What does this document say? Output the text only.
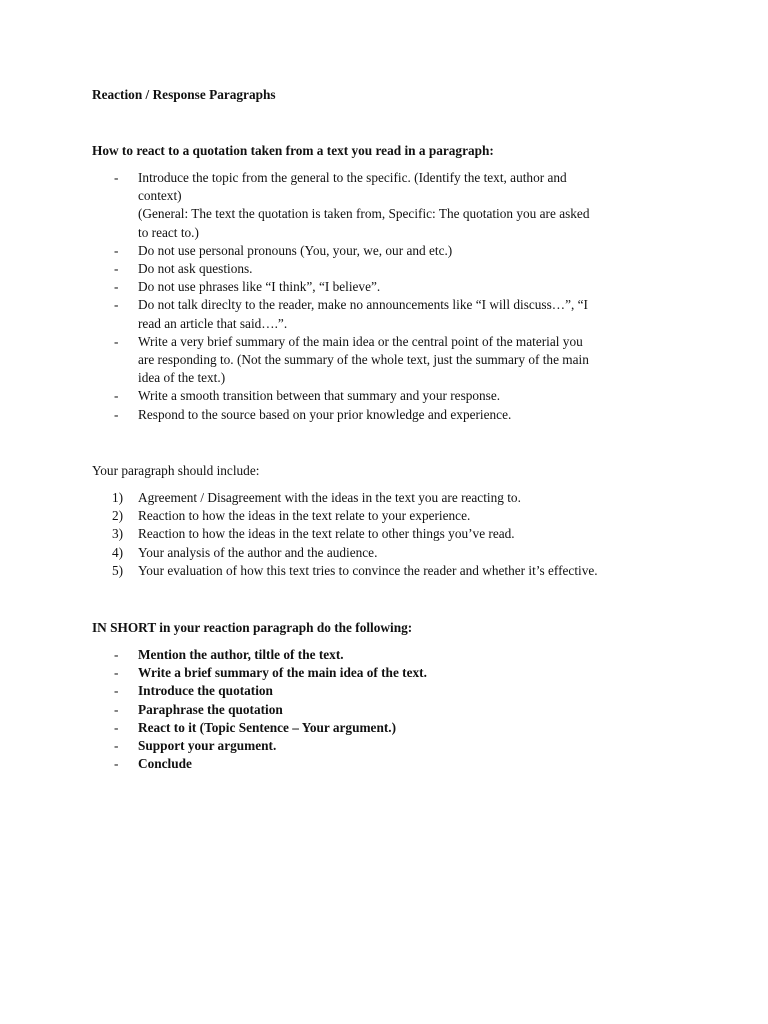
Reaction / Response Paragraphs

How to react to a quotation taken from a text you read in a paragraph:

- Introduce the topic from the general to the specific. (Identify the text, author and
context)
(General: The text the quotation is taken from, Specific: The quotation you are asked
to react to.)
- Do not use personal pronouns (You, your, we, our and etc.)
- Do not ask questions.
- Do not use phrases like “I think”, “I believe”.
- Do not talk direclty to the reader, make no announcements like “I will discuss…”, “I
read an article that said….”.
- Write a very brief summary of the main idea or the central point of the material you
are responding to. (Not the summary of the whole text, just the summary of the main
idea of the text.)
- Write a smooth transition between that summary and your response.
- Respond to the source based on your prior knowledge and experience.

Your paragraph should include:

1) Agreement / Disagreement with the ideas in the text you are reacting to.
2) Reaction to how the ideas in the text relate to your experience.
3) Reaction to how the ideas in the text relate to other things you’ve read.
4) Your analysis of the author and the audience.
5) Your evaluation of how this text tries to convince the reader and whether it’s effective.

IN SHORT in your reaction paragraph do the following:

- Mention the author, tiltle of the text.
- Write a brief summary of the main idea of the text.
- Introduce the quotation
- Paraphrase the quotation
- React to it (Topic Sentence – Your argument.)
- Support your argument.
- Conclude
